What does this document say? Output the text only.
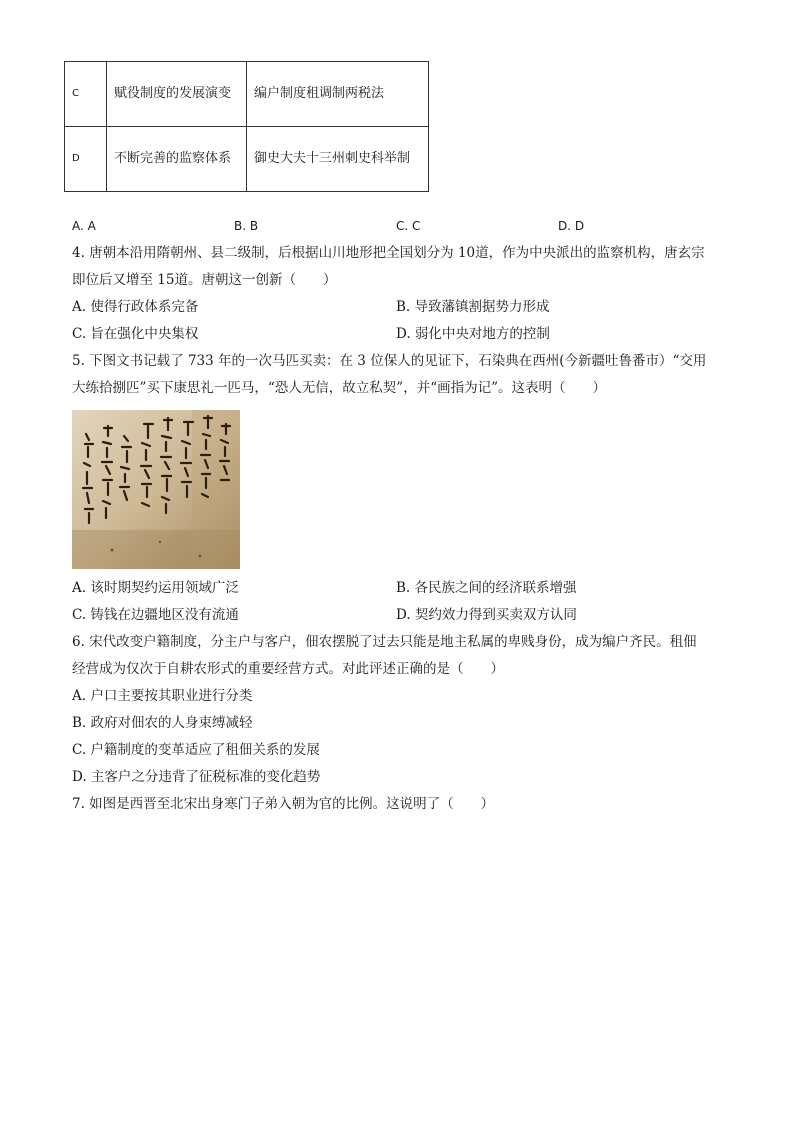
C	赋役制度的发展演变	编户制度租调制两税法
D	不断完善的监察体系	御史大夫十三州刺史科举制
A. A	B. B	C. C	D. D
4. 唐朝本沿用隋朝州、县二级制，后根据山川地形把全国划分为 10道，作为中央派出的监察机构，唐玄宗
即位后又增至 15道。唐朝这一创新（　　）
A. 使得行政体系完备	B. 导致藩镇割据势力形成
C. 旨在强化中央集权	D. 弱化中央对地方的控制
5. 下图文书记载了 733 年的一次马匹买卖：在 3 位保人的见证下，石染典在西州(今新疆吐鲁番市）“交用
大练拾捌匹”买下康思礼一匹马，“恐人无信，故立私契”，并“画指为记”。这表明（　　）
A. 该时期契约运用领域广泛	B. 各民族之间的经济联系增强
C. 铸钱在边疆地区没有流通	D. 契约效力得到买卖双方认同
6. 宋代改变户籍制度，分主户与客户，佃农摆脱了过去只能是地主私属的卑贱身份，成为编户齐民。租佃
经营成为仅次于自耕农形式的重要经营方式。对此评述正确的是（　　）
A. 户口主要按其职业进行分类
B. 政府对佃农的人身束缚减轻
C. 户籍制度的变革适应了租佃关系的发展
D. 主客户之分违背了征税标准的变化趋势
7. 如图是西晋至北宋出身寒门子弟入朝为官的比例。这说明了（　　）
